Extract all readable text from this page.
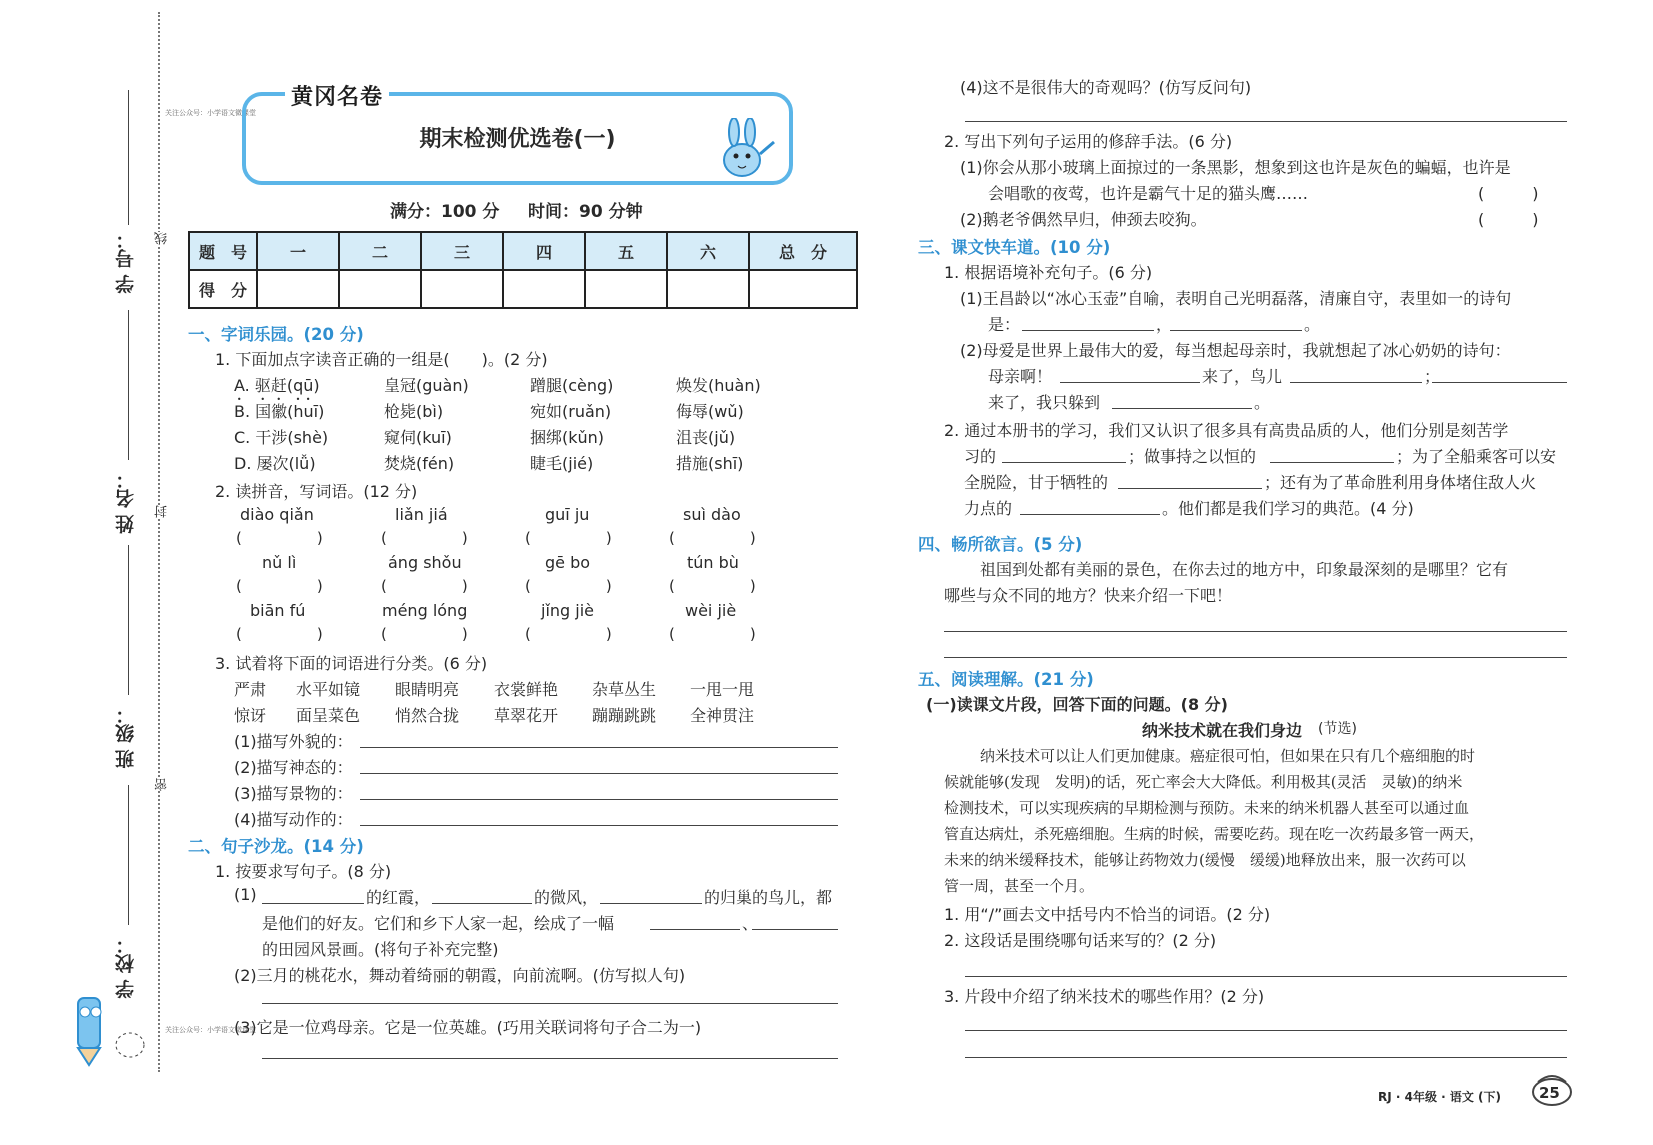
学 号：
姓 名：
班 级：
学 校：
线
封
密
关注公众号：小学语文微课堂
黄冈名卷
期末检测优选卷(一)
满分：100 分 时间：90 分钟
题　号	一	二	三	四	五	六	总　分
得　分							
一、字词乐园。(20 分)
1. 下面加点字读音正确的一组是(　　)。(2 分)
A. 驱赶(qū)	皇冠(guàn)	蹭腿(cèng)	焕发(huàn)
B. 国徽(huī)	枪毙(bì)	宛如(ruǎn)	侮辱(wǔ)
C. 干涉(shè)	窥伺(kuī)	捆绑(kǔn)	沮丧(jǔ)
D. 屡次(lǚ)	焚烧(fén)	睫毛(jié)	措施(shī)
2. 读拼音，写词语。(12 分)
diào qiǎn	liǎn jiá	guī ju	suì dào
(　　　　　)	(　　　　　)	(　　　　　)	(　　　　　)
nǔ lì	áng shǒu	gē bo	tún bù
(　　　　　)	(　　　　　)	(　　　　　)	(　　　　　)
biān fú	méng lóng	jǐng jiè	wèi jiè
(　　　　　)	(　　　　　)	(　　　　　)	(　　　　　)
3. 试着将下面的词语进行分类。(6 分)
严肃 水平如镜 眼睛明亮 衣裳鲜艳 杂草丛生 一甩一甩
惊讶 面呈菜色 悄然合拢 草翠花开 蹦蹦跳跳 全神贯注
(1)描写外貌的：
(2)描写神态的：
(3)描写景物的：
(4)描写动作的：
二、句子沙龙。(14 分)
1. 按要求写句子。(8 分)
(1)	的红霞，	的微风，	的归巢的鸟儿，都
是他们的好友。它们和乡下人家一起，绘成了一幅	、
的田园风景画。(将句子补充完整)
(2)三月的桃花水，舞动着绮丽的朝霞，向前流啊。(仿写拟人句)
关注公众号：小学语文微课堂
(3)它是一位鸡母亲。它是一位英雄。(巧用关联词将句子合二为一)
(4)这不是很伟大的奇观吗？(仿写反问句)
2. 写出下列句子运用的修辞手法。(6 分)
(1)你会从那小玻璃上面掠过的一条黑影，想象到这也许是灰色的蝙蝠，也许是
会唱歌的夜莺，也许是霸气十足的猫头鹰……	(　　　)
(2)鹅老爷偶然早归，伸颈去咬狗。	(　　　)
三、课文快车道。(10 分)
1. 根据语境补充句子。(6 分)
(1)王昌龄以“冰心玉壶”自喻，表明自己光明磊落，清廉自守，表里如一的诗句
是：	，	。
(2)母爱是世界上最伟大的爱，每当想起母亲时，我就想起了冰心奶奶的诗句：
母亲啊！	来了，鸟儿	；
来了，我只躲到	。
2. 通过本册书的学习，我们又认识了很多具有高贵品质的人，他们分别是刻苦学
习的	；做事持之以恒的	；为了全船乘客可以安
全脱险，甘于牺牲的	；还有为了革命胜利用身体堵住敌人火
力点的	。他们都是我们学习的典范。(4 分)
四、畅所欲言。(5 分)
祖国到处都有美丽的景色，在你去过的地方中，印象最深刻的是哪里？它有
哪些与众不同的地方？快来介绍一下吧！
五、阅读理解。(21 分)
(一)读课文片段，回答下面的问题。(8 分)
纳米技术就在我们身边 (节选)
纳米技术可以让人们更加健康。癌症很可怕，但如果在只有几个癌细胞的时
候就能够(发现　发明)的话，死亡率会大大降低。利用极其(灵活　灵敏)的纳米
检测技术，可以实现疾病的早期检测与预防。未来的纳米机器人甚至可以通过血
管直达病灶，杀死癌细胞。生病的时候，需要吃药。现在吃一次药最多管一两天，
未来的纳米缓释技术，能够让药物效力(缓慢　缓缓)地释放出来，服一次药可以
管一周，甚至一个月。
1. 用“/”画去文中括号内不恰当的词语。(2 分)
2. 这段话是围绕哪句话来写的？(2 分)
3. 片段中介绍了纳米技术的哪些作用？(2 分)
RJ · 4年级 · 语文 (下)	25
